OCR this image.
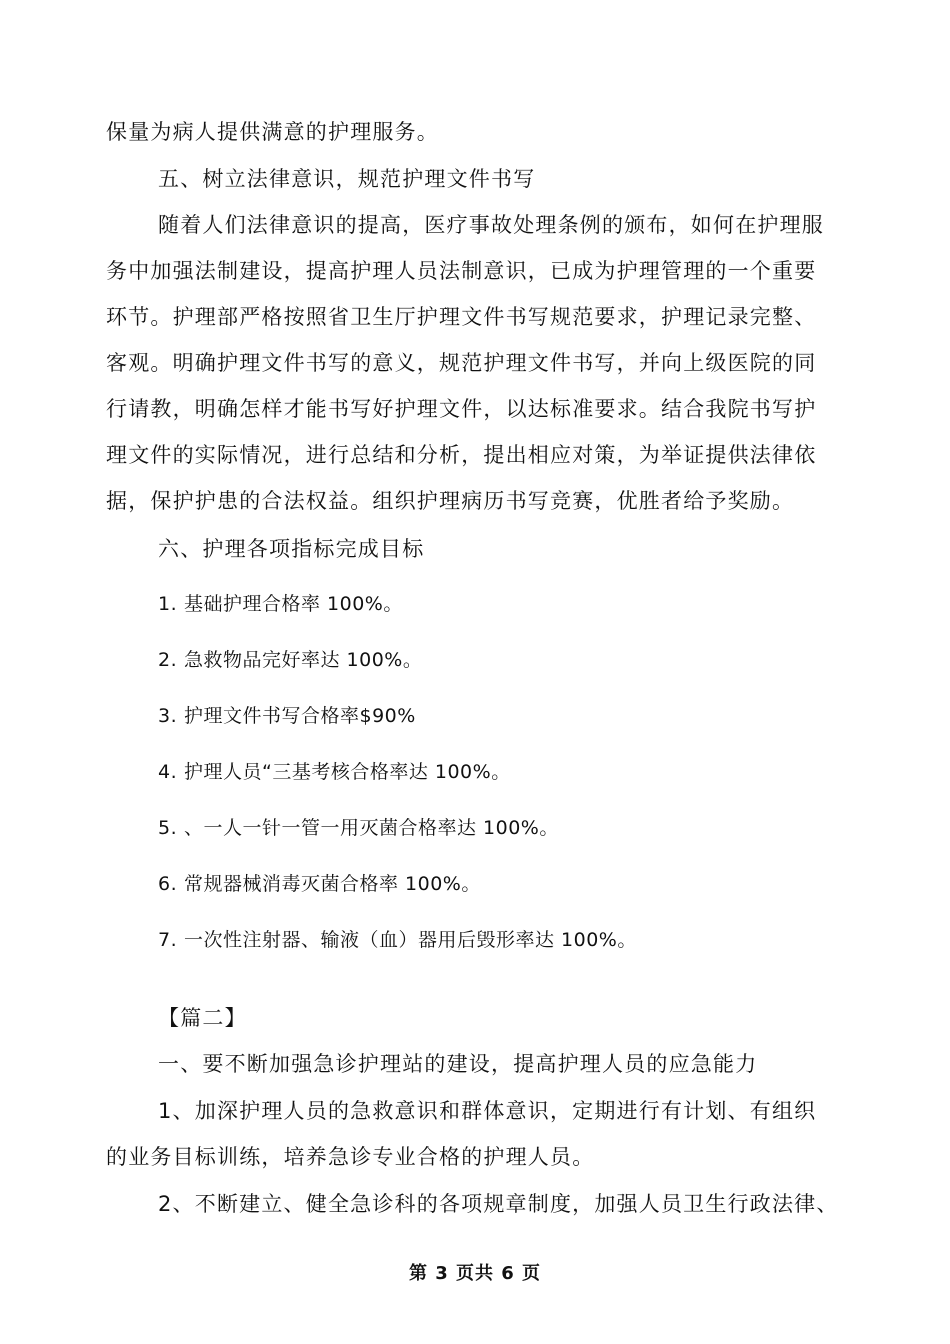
保量为病人提供满意的护理服务。
五、树立法律意识，规范护理文件书写
随着人们法律意识的提高，医疗事故处理条例的颁布，如何在护理服
务中加强法制建设，提高护理人员法制意识，已成为护理管理的一个重要
环节。护理部严格按照省卫生厅护理文件书写规范要求，护理记录完整、
客观。明确护理文件书写的意义，规范护理文件书写，并向上级医院的同
行请教，明确怎样才能书写好护理文件，以达标准要求。结合我院书写护
理文件的实际情况，进行总结和分析，提出相应对策，为举证提供法律依
据，保护护患的合法权益。组织护理病历书写竞赛，优胜者给予奖励。
六、护理各项指标完成目标
1. 基础护理合格率 100%。
2. 急救物品完好率达 100%。
3. 护理文件书写合格率$90%
4. 护理人员“三基考核合格率达 100%。
5. 、一人一针一管一用灭菌合格率达 100%。
6. 常规器械消毒灭菌合格率 100%。
7. 一次性注射器、输液（血）器用后毁形率达 100%。
【篇二】
一、要不断加强急诊护理站的建设，提高护理人员的应急能力
1、加深护理人员的急救意识和群体意识，定期进行有计划、有组织
的业务目标训练，培养急诊专业合格的护理人员。
2、不断建立、健全急诊科的各项规章制度，加强人员卫生行政法律、
第 3 页共 6 页
